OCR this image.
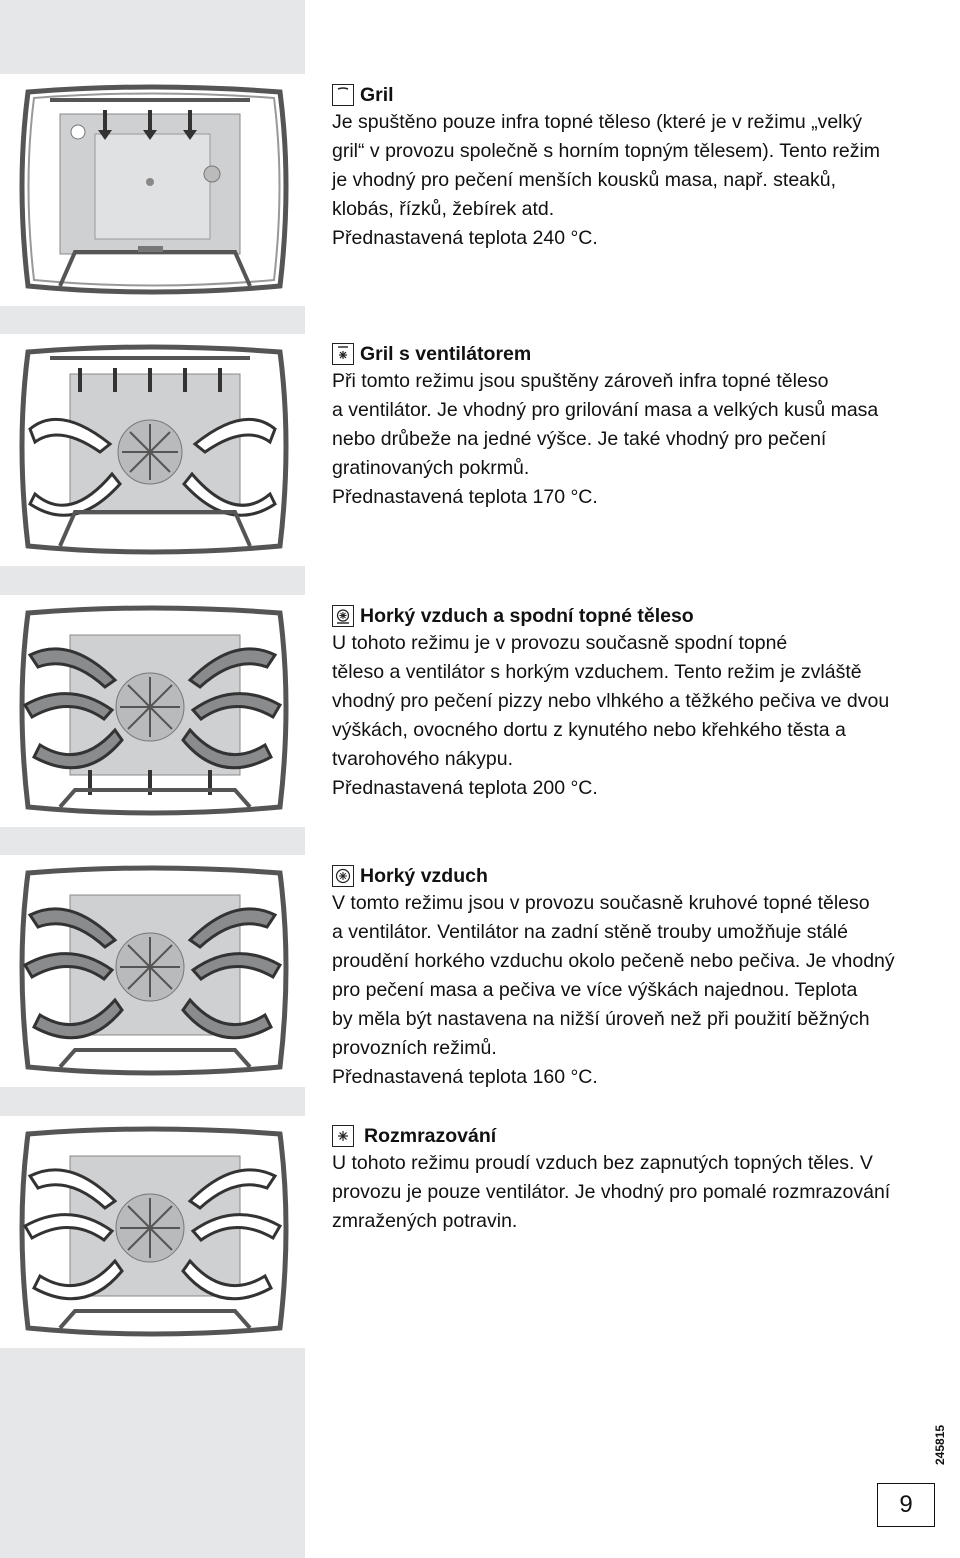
Gril

Je spuštěno pouze infra topné těleso (které je v režimu „velký

gril“ v provozu společně s horním topným tělesem). Tento režim

je vhodný pro pečení menších kousků masa, např. steaků,

klobás, řízků, žebírek atd.

Přednastavená teplota 240 °C.

Gril s ventilátorem

Při tomto režimu jsou spuštěny zároveň infra topné těleso

a ventilátor. Je vhodný pro grilování masa a velkých kusů masa

nebo drůbeže na jedné výšce. Je také vhodný pro pečení

gratinovaných pokrmů.

Přednastavená teplota 170 °C.

Horký vzduch a spodní topné těleso

U tohoto režimu je v provozu současně spodní topné

těleso a ventilátor s horkým vzduchem. Tento režim je zvláště

vhodný pro pečení pizzy nebo vlhkého a těžkého pečiva ve dvou

výškách, ovocného dortu z kynutého nebo křehkého těsta a

tvarohového nákypu.

Přednastavená teplota 200 °C.

Horký vzduch

V tomto režimu jsou v provozu současně kruhové topné těleso

a ventilátor. Ventilátor na zadní stěně trouby umožňuje stálé

proudění horkého vzduchu okolo pečeně nebo pečiva. Je vhodný

pro pečení masa a pečiva ve více výškách najednou. Teplota

by měla být nastavena na nižší úroveň než při použití běžných

provozních režimů.

Přednastavená teplota 160 °C.

Rozmrazování

U tohoto režimu proudí vzduch bez zapnutých topných těles. V

provozu je pouze ventilátor. Je vhodný pro pomalé rozmrazování

zmražených potravin.

245815
9
